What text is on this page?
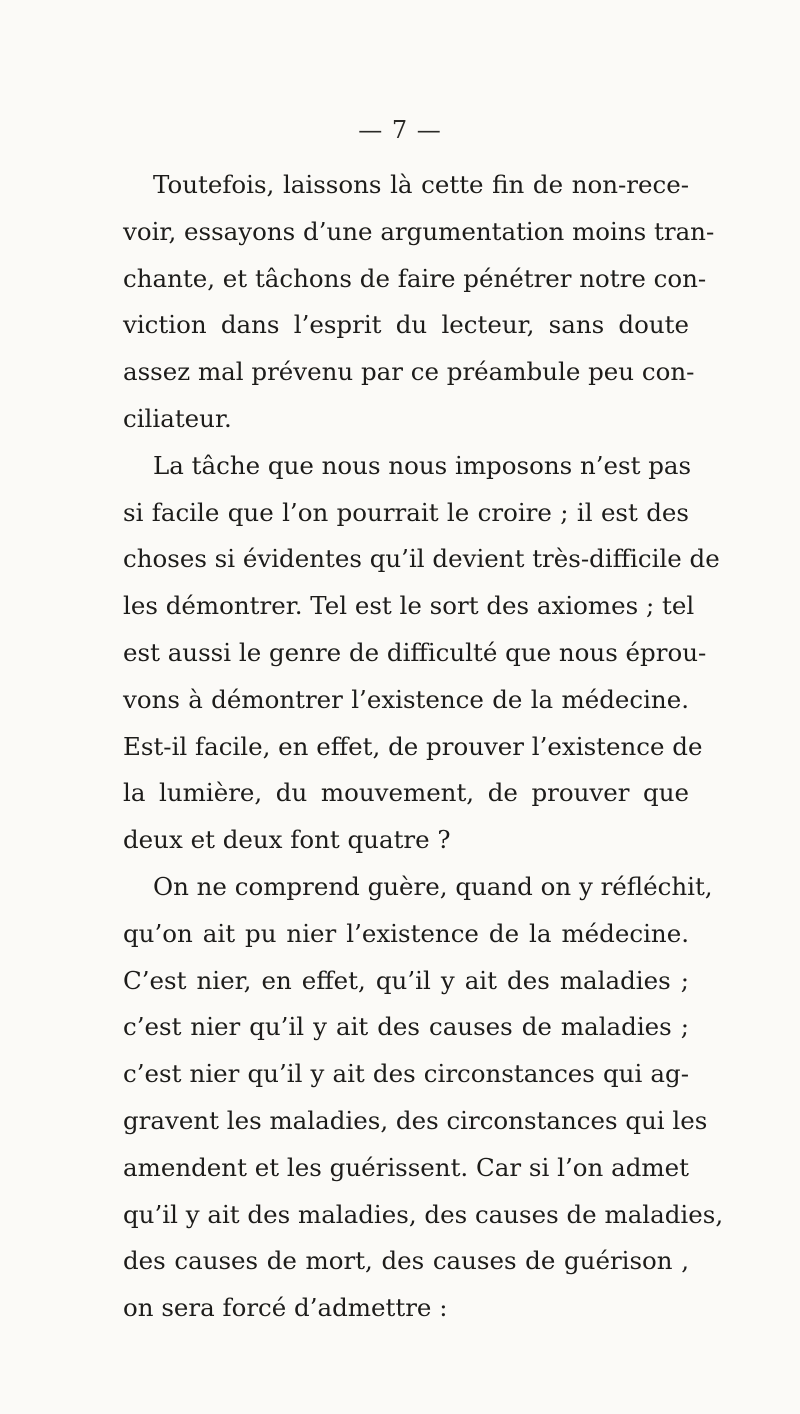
— 7 —
Toutefois, laissons là cette fin de non-rece-
voir, essayons d’une argumentation moins tran-
chante, et tâchons de faire pénétrer notre con-
viction dans l’esprit du lecteur, sans doute
assez mal prévenu par ce préambule peu con-
ciliateur.
La tâche que nous nous imposons n’est pas
si facile que l’on pourrait le croire ; il est des
choses si évidentes qu’il devient très-difficile de
les démontrer. Tel est le sort des axiomes ; tel
est aussi le genre de difficulté que nous éprou-
vons à démontrer l’existence de la médecine.
Est-il facile, en effet, de prouver l’existence de
la lumière, du mouvement, de prouver que
deux et deux font quatre ?
On ne comprend guère, quand on y réfléchit,
qu’on ait pu nier l’existence de la médecine.
C’est nier, en effet, qu’il y ait des maladies ;
c’est nier qu’il y ait des causes de maladies ;
c’est nier qu’il y ait des circonstances qui ag-
gravent les maladies, des circonstances qui les
amendent et les guérissent. Car si l’on admet
qu’il y ait des maladies, des causes de maladies,
des causes de mort, des causes de guérison ,
on sera forcé d’admettre :
